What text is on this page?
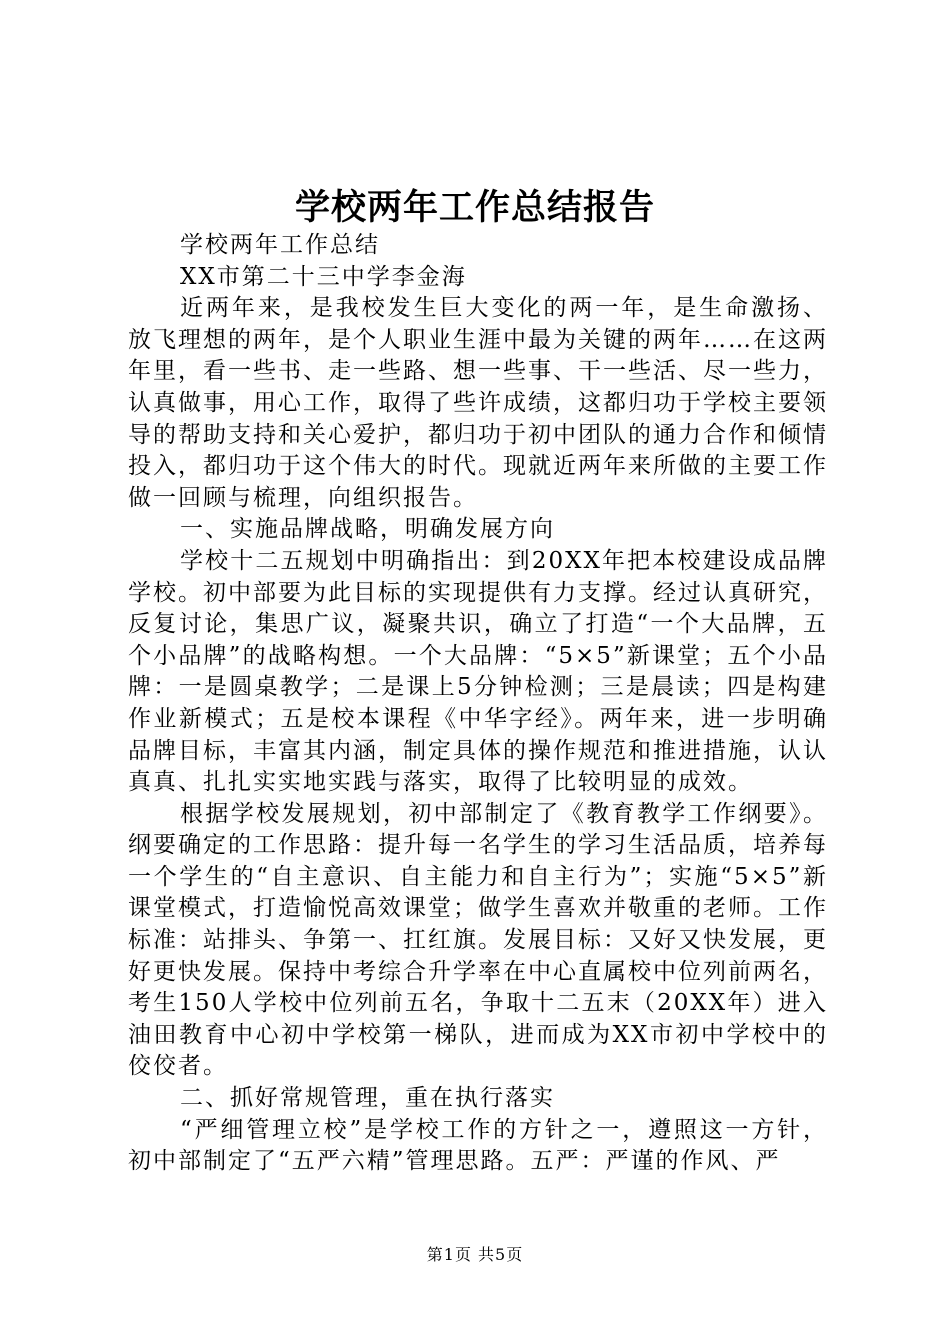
学校两年工作总结报告

学校两年工作总结

XX市第二十三中学李金海

近两年来，是我校发生巨大变化的两一年，是生命激扬、放飞理想的两年，是个人职业生涯中最为关键的两年……在这两年里，看一些书、走一些路、想一些事、干一些活、尽一些力，认真做事，用心工作，取得了些许成绩，这都归功于学校主要领导的帮助支持和关心爱护，都归功于初中团队的通力合作和倾情投入，都归功于这个伟大的时代。现就近两年来所做的主要工作做一回顾与梳理，向组织报告。

一、实施品牌战略，明确发展方向

学校十二五规划中明确指出：到20XX年把本校建设成品牌学校。初中部要为此目标的实现提供有力支撑。经过认真研究，反复讨论，集思广议，凝聚共识，确立了打造“一个大品牌，五个小品牌”的战略构想。一个大品牌：“5×5”新课堂；五个小品牌：一是圆桌教学；二是课上5分钟检测；三是晨读；四是构建作业新模式；五是校本课程《中华字经》。两年来，进一步明确品牌目标，丰富其内涵，制定具体的操作规范和推进措施，认认真真、扎扎实实地实践与落实，取得了比较明显的成效。

根据学校发展规划，初中部制定了《教育教学工作纲要》。纲要确定的工作思路：提升每一名学生的学习生活品质，培养每一个学生的“自主意识、自主能力和自主行为”；实施“5×5”新课堂模式，打造愉悦高效课堂；做学生喜欢并敬重的老师。工作标准：站排头、争第一、扛红旗。发展目标：又好又快发展，更好更快发展。保持中考综合升学率在中心直属校中位列前两名，考生150人学校中位列前五名，争取十二五末（20XX年）进入油田教育中心初中学校第一梯队，进而成为XX市初中学校中的佼佼者。

二、抓好常规管理，重在执行落实

“严细管理立校”是学校工作的方针之一，遵照这一方针，初中部制定了“五严六精”管理思路。五严：严谨的作风、严

第1页 共5页
